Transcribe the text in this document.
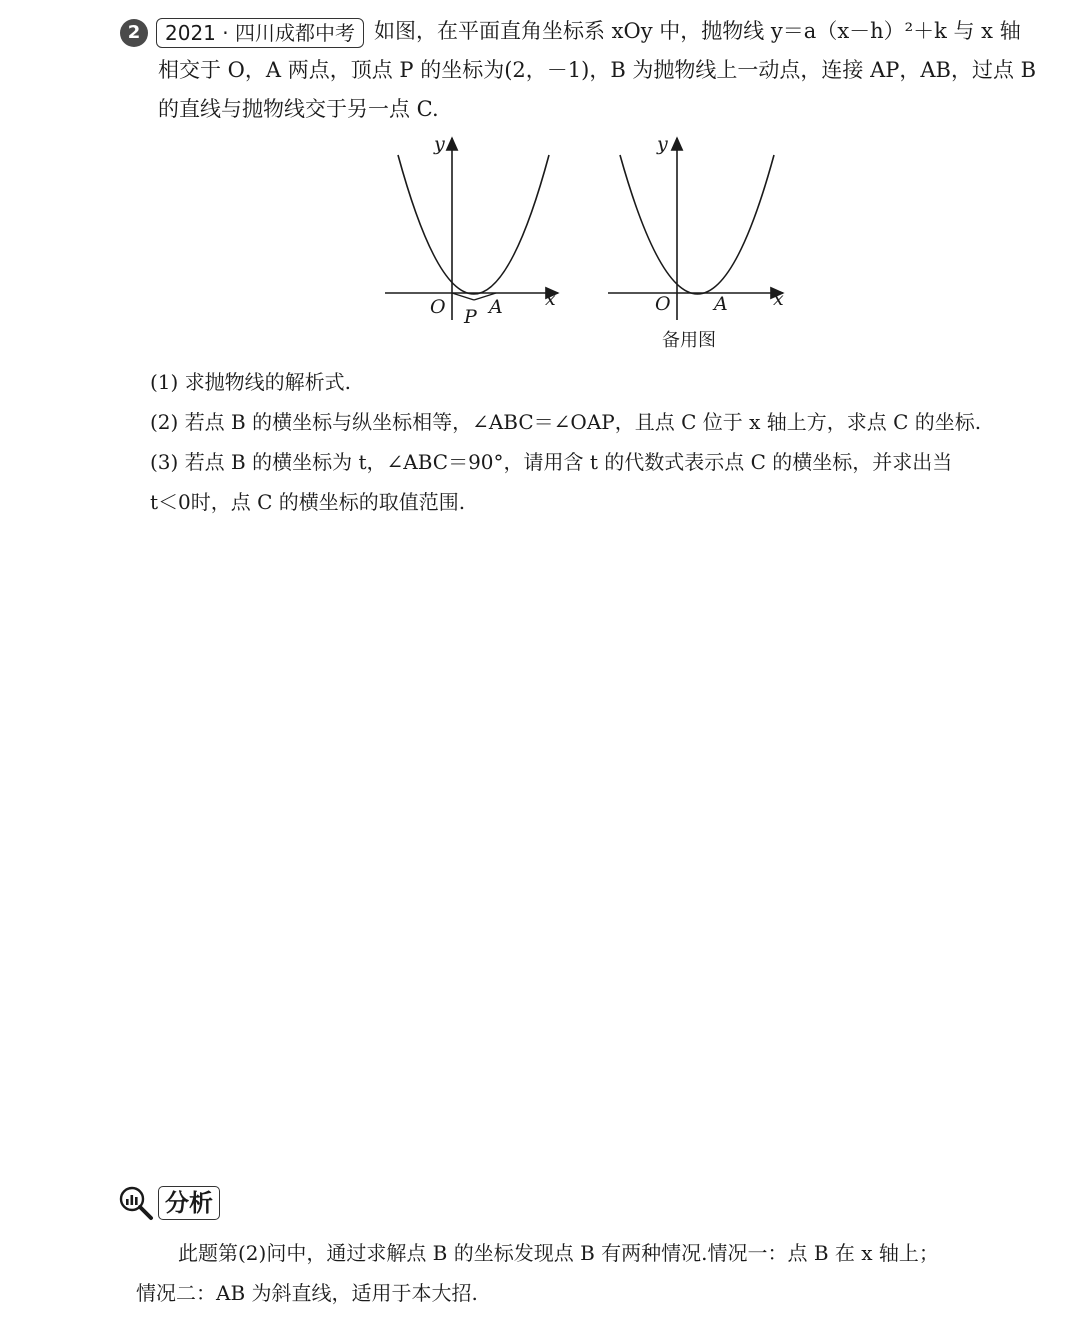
2 2021 · 四川成都中考 如图，在平面直角坐标系 xOy 中，抛物线 y＝a（x－h）²＋k 与 x 轴
相交于 O，A 两点，顶点 P 的坐标为(2，－1)，B 为抛物线上一动点，连接 AP，AB，过点 B
的直线与抛物线交于另一点 C.
x
y
O A
P
x
y
O A
备用图
(1) 求抛物线的解析式.
(2) 若点 B 的横坐标与纵坐标相等，∠ABC＝∠OAP，且点 C 位于 x 轴上方，求点 C 的坐标.
(3) 若点 B 的横坐标为 t，∠ABC＝90°，请用含 t 的代数式表示点 C 的横坐标，并求出当
t＜0时，点 C 的横坐标的取值范围.
分析
此题第(2)问中，通过求解点 B 的坐标发现点 B 有两种情况.情况一：点 B 在 x 轴上；
情况二：AB 为斜直线，适用于本大招.
